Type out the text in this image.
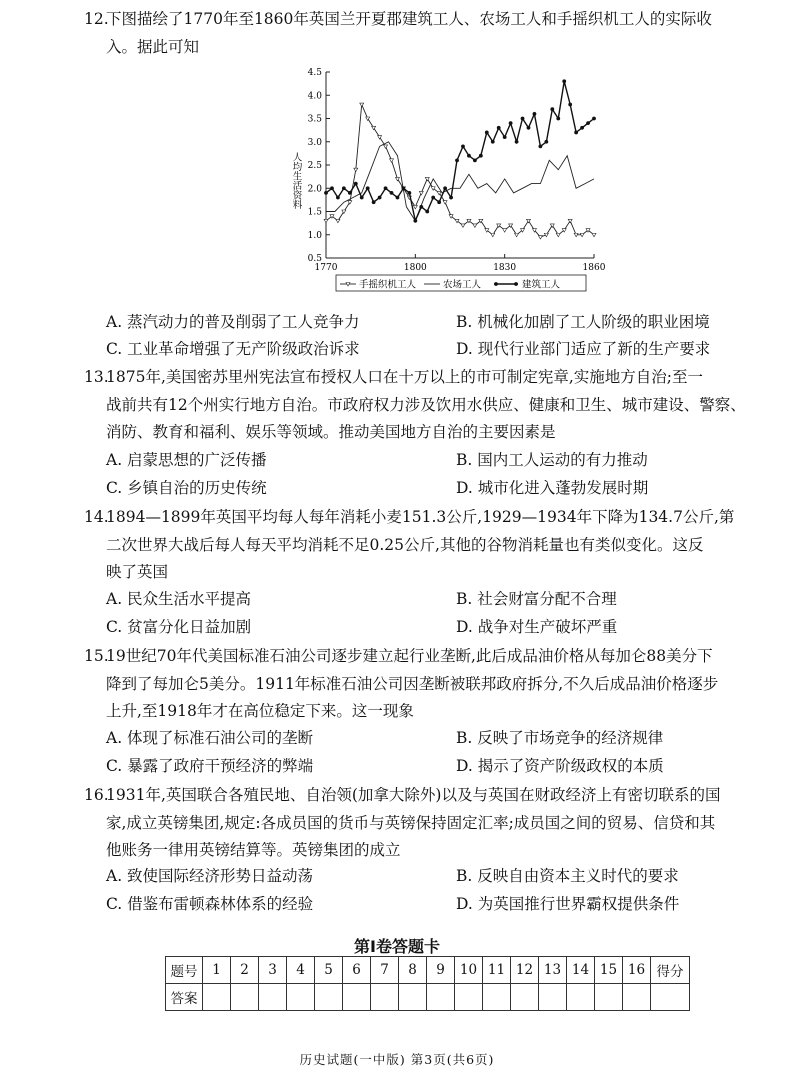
12.
下图描绘了1770年至1860年英国兰开夏郡建筑工人、农场工人和手摇织机工人的实际收
入。据此可知
0.5
1.0
1.5
2.0
2.5
3.0
3.5
4.0
4.5
1770	1800	1830	1860
人均生活资料
手摇织机工人	农场工人	建筑工人
A. 蒸汽动力的普及削弱了工人竞争力	B. 机械化加剧了工人阶级的职业困境
C. 工业革命增强了无产阶级政治诉求	D. 现代行业部门适应了新的生产要求
13.
1875年,美国密苏里州宪法宣布授权人口在十万以上的市可制定宪章,实施地方自治;至一
战前共有12个州实行地方自治。市政府权力涉及饮用水供应、健康和卫生、城市建设、警察、
消防、教育和福利、娱乐等领域。推动美国地方自治的主要因素是
A. 启蒙思想的广泛传播	B. 国内工人运动的有力推动
C. 乡镇自治的历史传统	D. 城市化进入蓬勃发展时期
14.
1894—1899年英国平均每人每年消耗小麦151.3公斤,1929—1934年下降为134.7公斤,第
二次世界大战后每人每天平均消耗不足0.25公斤,其他的谷物消耗量也有类似变化。这反
映了英国
A. 民众生活水平提高	B. 社会财富分配不合理
C. 贫富分化日益加剧	D. 战争对生产破坏严重
15.
19世纪70年代美国标准石油公司逐步建立起行业垄断,此后成品油价格从每加仑88美分下
降到了每加仑5美分。1911年标准石油公司因垄断被联邦政府拆分,不久后成品油价格逐步
上升,至1918年才在高位稳定下来。这一现象
A. 体现了标准石油公司的垄断	B. 反映了市场竞争的经济规律
C. 暴露了政府干预经济的弊端	D. 揭示了资产阶级政权的本质
16.
1931年,英国联合各殖民地、自治领(加拿大除外)以及与英国在财政经济上有密切联系的国
家,成立英镑集团,规定:各成员国的货币与英镑保持固定汇率;成员国之间的贸易、信贷和其
他账务一律用英镑结算等。英镑集团的成立
A. 致使国际经济形势日益动荡	B. 反映自由资本主义时代的要求
C. 借鉴布雷顿森林体系的经验	D. 为英国推行世界霸权提供条件
第Ⅰ卷答题卡
题号	1	2	3	4	5	6	7	8	9	10	11	12	13	14	15	16	得分
答案																	
历史试题(一中版) 第3页(共6页)
